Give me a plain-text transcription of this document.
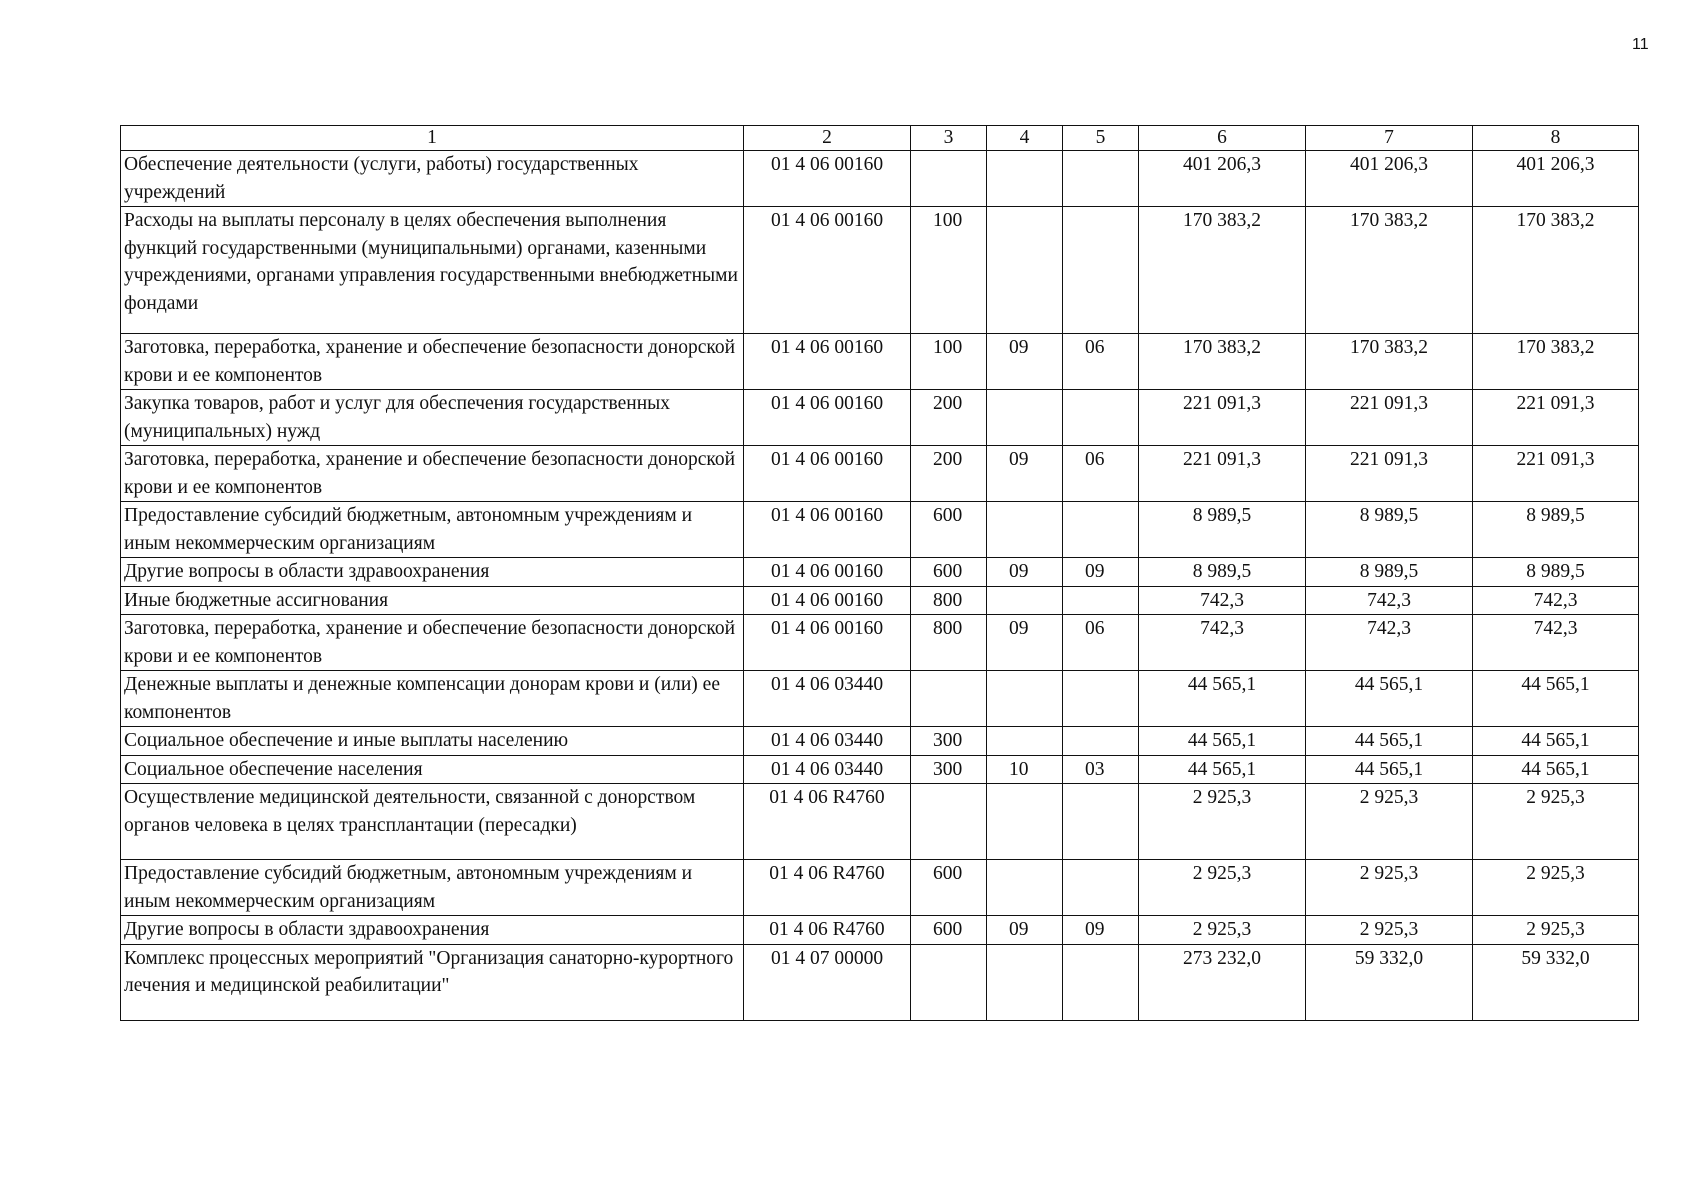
11
1	2	3	4	5	6	7	8
Обеспечение деятельности (услуги, работы) государственных учреждений	01 4 06 00160				401 206,3	401 206,3	401 206,3
Расходы на выплаты персоналу в целях обеспечения выполнения функций государственными (муниципальными) органами, казенными учреждениями, органами управления государственными внебюджетными фондами	01 4 06 00160	100			170 383,2	170 383,2	170 383,2
Заготовка, переработка, хранение и обеспечение безопасности донорской крови и ее компонентов	01 4 06 00160	100	09	06	170 383,2	170 383,2	170 383,2
Закупка товаров, работ и услуг для обеспечения государственных (муниципальных) нужд	01 4 06 00160	200			221 091,3	221 091,3	221 091,3
Заготовка, переработка, хранение и обеспечение безопасности донорской крови и ее компонентов	01 4 06 00160	200	09	06	221 091,3	221 091,3	221 091,3
Предоставление субсидий бюджетным, автономным учреждениям и иным некоммерческим организациям	01 4 06 00160	600			8 989,5	8 989,5	8 989,5
Другие вопросы в области здравоохранения	01 4 06 00160	600	09	09	8 989,5	8 989,5	8 989,5
Иные бюджетные ассигнования	01 4 06 00160	800			742,3	742,3	742,3
Заготовка, переработка, хранение и обеспечение безопасности донорской крови и ее компонентов	01 4 06 00160	800	09	06	742,3	742,3	742,3
Денежные выплаты и денежные компенсации донорам крови и (или) ее компонентов	01 4 06 03440				44 565,1	44 565,1	44 565,1
Социальное обеспечение и иные выплаты населению	01 4 06 03440	300			44 565,1	44 565,1	44 565,1
Социальное обеспечение населения	01 4 06 03440	300	10	03	44 565,1	44 565,1	44 565,1
Осуществление медицинской деятельности, связанной с донорством органов человека в целях трансплантации (пересадки)	01 4 06 R4760				2 925,3	2 925,3	2 925,3
Предоставление субсидий бюджетным, автономным учреждениям и иным некоммерческим организациям	01 4 06 R4760	600			2 925,3	2 925,3	2 925,3
Другие вопросы в области здравоохранения	01 4 06 R4760	600	09	09	2 925,3	2 925,3	2 925,3
Комплекс процессных мероприятий "Организация санаторно-курортного лечения и медицинской реабилитации"	01 4 07 00000				273 232,0	59 332,0	59 332,0
